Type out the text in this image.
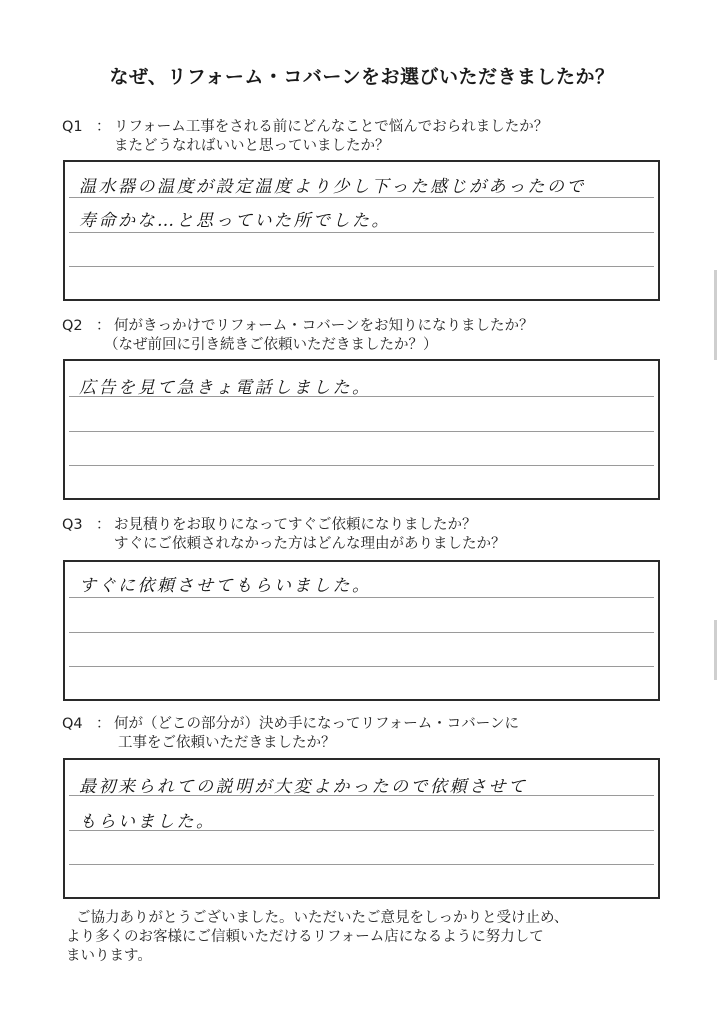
なぜ、リフォーム・コバーンをお選びいただきましたか？
Q1 ： リフォーム工事をされる前にどんなことで悩んでおられましたか？
またどうなればいいと思っていましたか？
温水器の温度が設定温度より少し下った感じがあったので
寿命かな…と思っていた所でした。
Q2 ： 何がきっかけでリフォーム・コバーンをお知りになりましたか？
（なぜ前回に引き続きご依頼いただきましたか？）
広告を見て急きょ電話しました。
Q3 ： お見積りをお取りになってすぐご依頼になりましたか？
すぐにご依頼されなかった方はどんな理由がありましたか？
すぐに依頼させてもらいました。
Q4 ： 何が（どこの部分が）決め手になってリフォーム・コバーンに
工事をご依頼いただきましたか？
最初来られての説明が大変よかったので依頼させて
もらいました。
ご協力ありがとうございました。いただいたご意見をしっかりと受け止め、
より多くのお客様にご信頼いただけるリフォーム店になるように努力して
まいります。
